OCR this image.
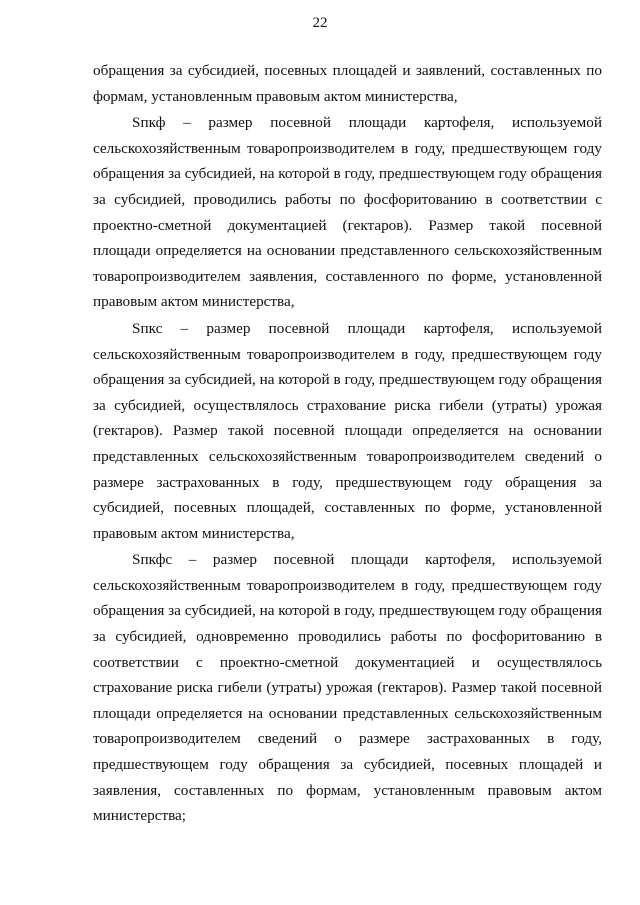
22

обращения за субсидией, посевных площадей и заявлений, составленных по формам, установленным правовым актом министерства,

Sпкф – размер посевной площади картофеля, используемой сельскохозяйственным товаропроизводителем в году, предшествующем году обращения за субсидией, на которой в году, предшествующем году обращения за субсидией, проводились работы по фосфоритованию в соответствии с проектно-сметной документацией (гектаров). Размер такой посевной площади определяется на основании представленного сельскохозяйственным товаропроизводителем заявления, составленного по форме, установленной правовым актом министерства,

Sпкс – размер посевной площади картофеля, используемой сельскохозяйственным товаропроизводителем в году, предшествующем году обращения за субсидией, на которой в году, предшествующем году обращения за субсидией, осуществлялось страхование риска гибели (утраты) урожая (гектаров). Размер такой посевной площади определяется на основании представленных сельскохозяйственным товаропроизводителем сведений о размере застрахованных в году, предшествующем году обращения за субсидией, посевных площадей, составленных по форме, установленной правовым актом министерства,

Sпкфс – размер посевной площади картофеля, используемой сельскохозяйственным товаропроизводителем в году, предшествующем году обращения за субсидией, на которой в году, предшествующем году обращения за субсидией, одновременно проводились работы по фосфоритованию в соответствии с проектно-сметной документацией и осуществлялось страхование риска гибели (утраты) урожая (гектаров). Размер такой посевной площади определяется на основании представленных сельскохозяйственным товаропроизводителем сведений о размере застрахованных в году, предшествующем году обращения за субсидией, посевных площадей и заявления, составленных по формам, установленным правовым актом министерства;
